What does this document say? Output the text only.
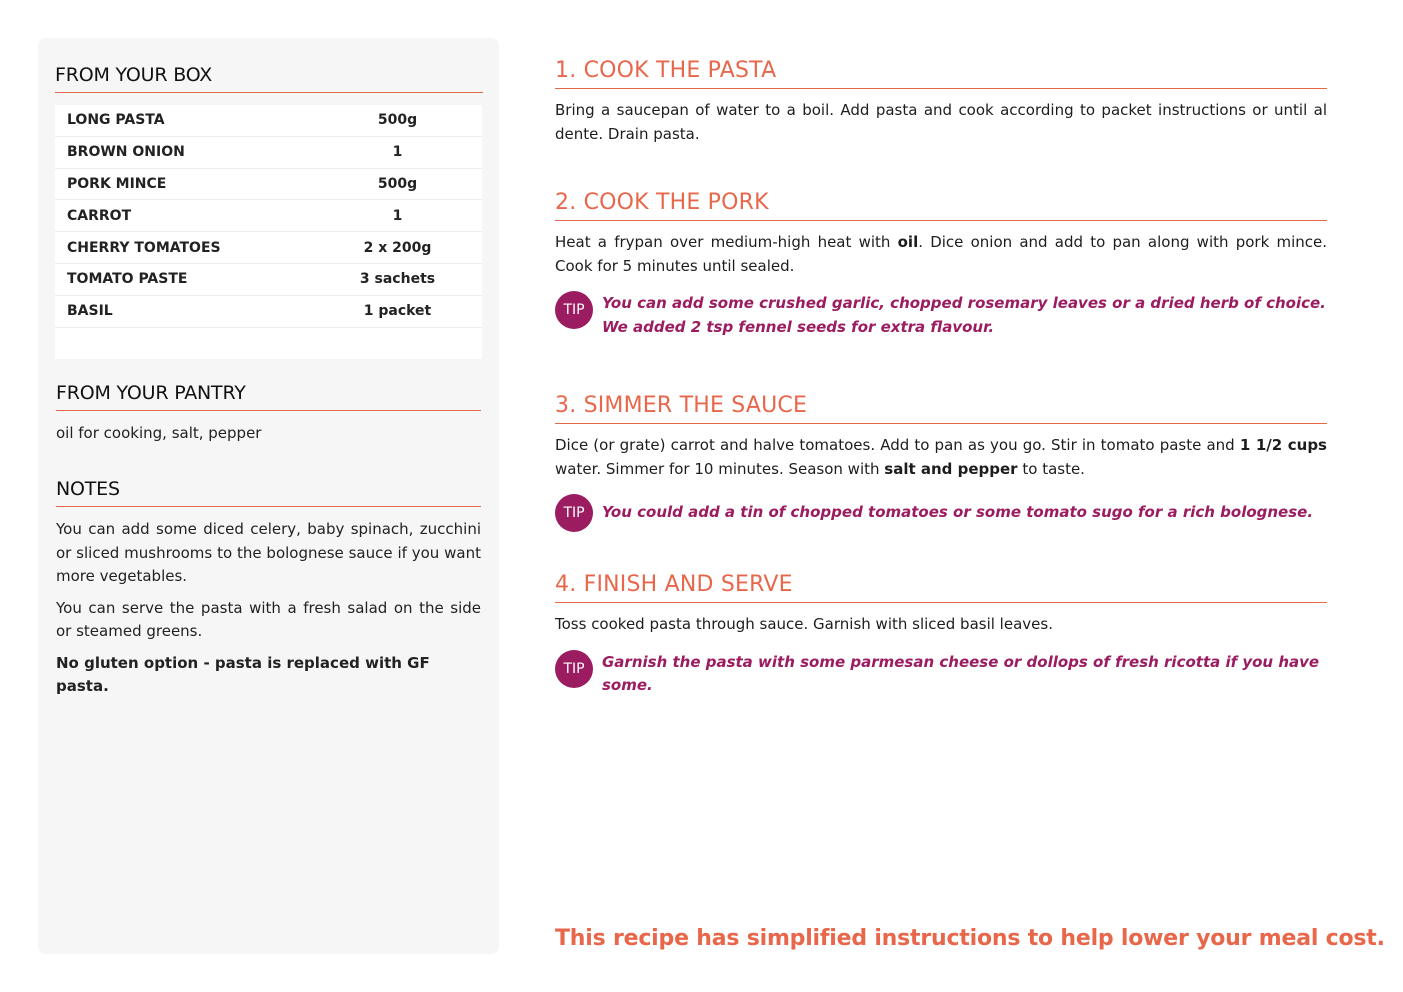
FROM YOUR BOX
LONG PASTA	500g
BROWN ONION	1
PORK MINCE	500g
CARROT	1
CHERRY TOMATOES	2 x 200g
TOMATO PASTE	3 sachets
BASIL	1 packet
FROM YOUR PANTRY
oil for cooking, salt, pepper
NOTES

You can add some diced celery, baby spinach, zucchini or sliced mushrooms to the bolognese sauce if you want more vegetables.

You can serve the pasta with a fresh salad on the side or steamed greens.

No gluten option - pasta is replaced with GF pasta.

1. COOK THE PASTA
Bring a saucepan of water to a boil. Add pasta and cook according to packet instructions or until al dente. Drain pasta.
2. COOK THE PORK
Heat a frypan over medium-high heat with oil. Dice onion and add to pan along with pork mince. Cook for 5 minutes until sealed.
TIP	You can add some crushed garlic, chopped rosemary leaves or a dried herb of choice. We added 2 tsp fennel seeds for extra flavour.
3. SIMMER THE SAUCE
Dice (or grate) carrot and halve tomatoes. Add to pan as you go. Stir in tomato paste and 1 1/2 cups water. Simmer for 10 minutes. Season with salt and pepper to taste.
TIP	You could add a tin of chopped tomatoes or some tomato sugo for a rich bolognese.
4. FINISH AND SERVE
Toss cooked pasta through sauce. Garnish with sliced basil leaves.
TIP	Garnish the pasta with some parmesan cheese or dollops of fresh ricotta if you have some.
This recipe has simplified instructions to help lower your meal cost.
